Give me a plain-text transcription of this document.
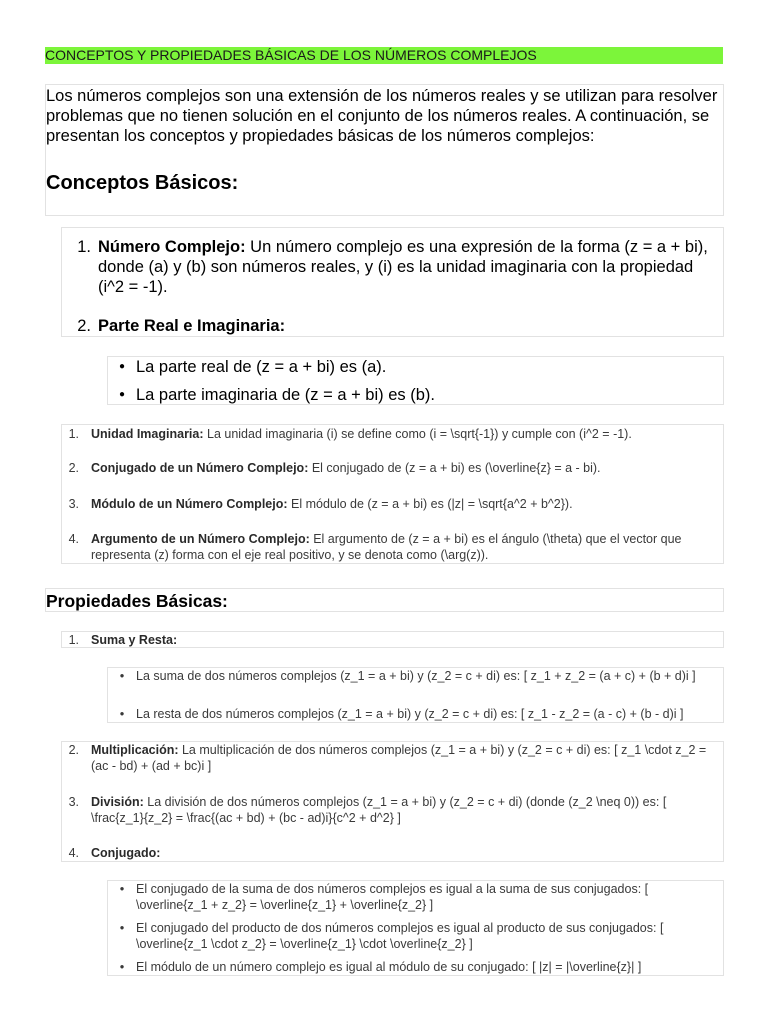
CONCEPTOS Y PROPIEDADES BÁSICAS DE LOS NÚMEROS COMPLEJOS

Los números complejos son una extensión de los números reales y se utilizan para resolver problemas que no tienen solución en el conjunto de los números reales. A continuación, se presentan los conceptos y propiedades básicas de los números complejos:

Conceptos Básicos:
1. Número Complejo: Un número complejo es una expresión de la forma (z = a + bi), donde (a) y (b) son números reales, y (i) es la unidad imaginaria con la propiedad (i^2 = -1).
2. Parte Real e Imaginaria:
● La parte real de (z = a + bi) es (a).
● La parte imaginaria de (z = a + bi) es (b).
1. Unidad Imaginaria: La unidad imaginaria (i) se define como (i = \sqrt{-1}) y cumple con (i^2 = -1).
2. Conjugado de un Número Complejo: El conjugado de (z = a + bi) es (\overline{z} = a - bi).
3. Módulo de un Número Complejo: El módulo de (z = a + bi) es (|z| = \sqrt{a^2 + b^2}).
4. Argumento de un Número Complejo: El argumento de (z = a + bi) es el ángulo (\theta) que el vector que representa (z) forma con el eje real positivo, y se denota como (\arg(z)).
Propiedades Básicas:
1. Suma y Resta:
● La suma de dos números complejos (z_1 = a + bi) y (z_2 = c + di) es: [ z_1 + z_2 = (a + c) + (b + d)i ]
● La resta de dos números complejos (z_1 = a + bi) y (z_2 = c + di) es: [ z_1 - z_2 = (a - c) + (b - d)i ]
2. Multiplicación: La multiplicación de dos números complejos (z_1 = a + bi) y (z_2 = c + di) es: [ z_1 \cdot z_2 = (ac - bd) + (ad + bc)i ]
3. División: La división de dos números complejos (z_1 = a + bi) y (z_2 = c + di) (donde (z_2 \neq 0)) es: [ \frac{z_1}{z_2} = \frac{(ac + bd) + (bc - ad)i}{c^2 + d^2} ]
4. Conjugado:
● El conjugado de la suma de dos números complejos es igual a la suma de sus conjugados: [ \overline{z_1 + z_2} = \overline{z_1} + \overline{z_2} ]
● El conjugado del producto de dos números complejos es igual al producto de sus conjugados: [ \overline{z_1 \cdot z_2} = \overline{z_1} \cdot \overline{z_2} ]
● El módulo de un número complejo es igual al módulo de su conjugado: [ |z| = |\overline{z}| ]
